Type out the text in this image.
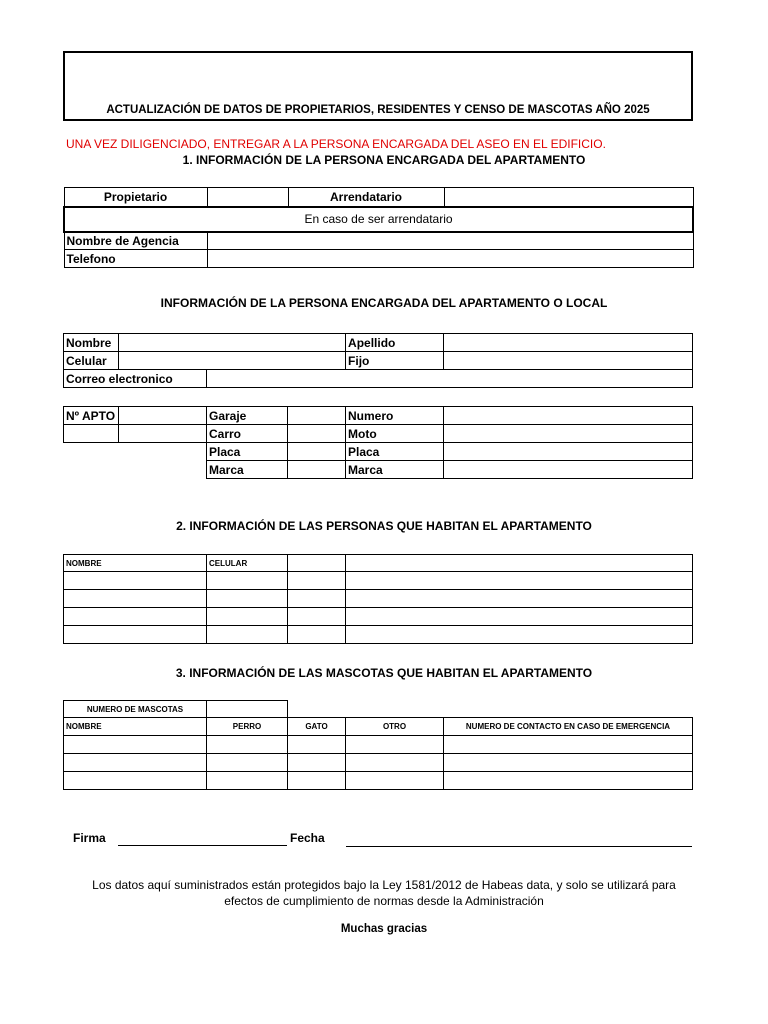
ACTUALIZACIÓN DE DATOS DE PROPIETARIOS, RESIDENTES Y CENSO DE MASCOTAS AÑO 2025
UNA VEZ DILIGENCIADO, ENTREGAR A LA PERSONA ENCARGADA DEL ASEO EN EL EDIFICIO.
1. INFORMACIÓN DE LA PERSONA ENCARGADA DEL APARTAMENTO
Propietario		Arrendatario	
En caso de ser arrendatario			
Nombre de Agencia			
Telefono			
INFORMACIÓN DE LA PERSONA ENCARGADA DEL APARTAMENTO O LOCAL
Nombre			Apellido	
Celular			Fijo	
Correo electronico				
Nº APTO		Garaje		Numero	
		Carro		Moto	
		Placa		Placa	
		Marca		Marca	
2. INFORMACIÓN DE LAS PERSONAS QUE HABITAN EL APARTAMENTO
NOMBRE	CELULAR		

3. INFORMACIÓN DE LAS MASCOTAS QUE HABITAN EL APARTAMENTO
NUMERO DE MASCOTAS				
NOMBRE	PERRO	GATO	OTRO	NUMERO DE CONTACTO EN CASO DE EMERGENCIA

Firma	Fecha
Los datos aquí suministrados están protegidos bajo la Ley 1581/2012 de Habeas data, y solo se utilizará para
efectos de cumplimiento de normas desde la Administración
Muchas gracias
